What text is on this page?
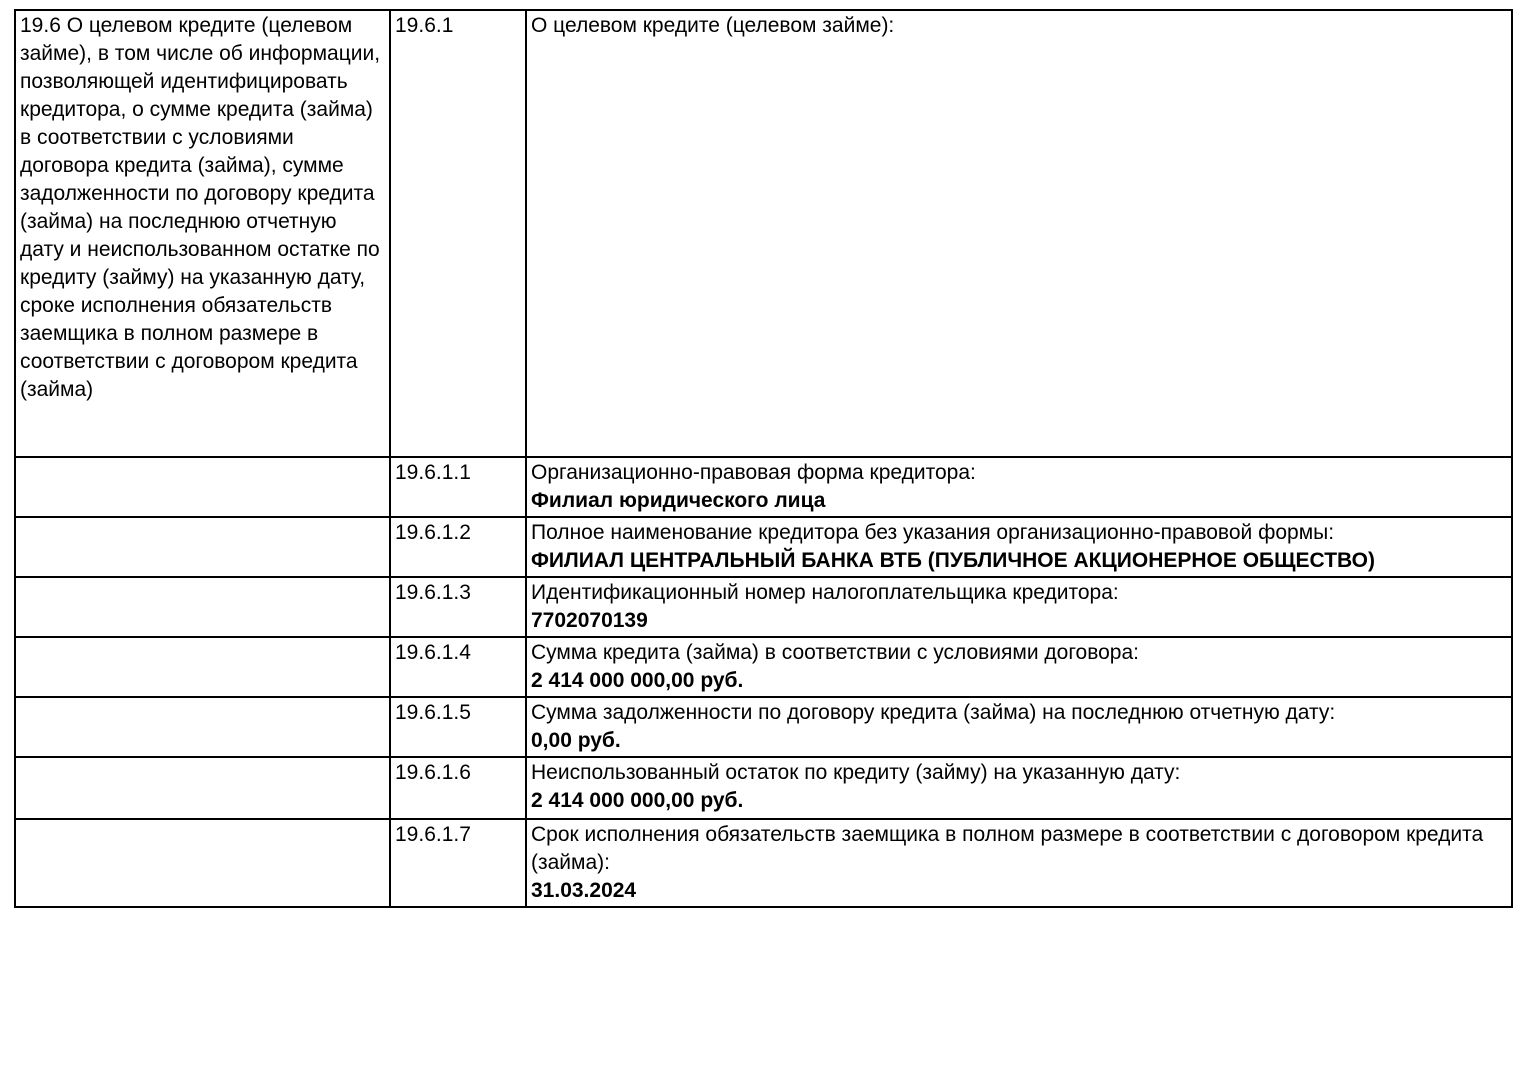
19.6 О целевом кредите (целевом займе), в том числе об информации, позволяющей идентифицировать кредитора, о сумме кредита (займа) в соответствии с условиями договора кредита (займа), сумме задолженности по договору кредита (займа) на последнюю отчетную дату и неиспользованном остатке по кредиту (займу) на указанную дату, сроке исполнения обязательств заемщика в полном размере в соответствии с договором кредита (займа)	19.6.1	О целевом кредите (целевом займе):
	19.6.1.1	Организационно-правовая форма кредитора:
Филиал юридического лица

	19.6.1.2	Полное наименование кредитора без указания организационно-правовой формы:
ФИЛИАЛ ЦЕНТРАЛЬНЫЙ БАНКА ВТБ (ПУБЛИЧНОЕ АКЦИОНЕРНОЕ ОБЩЕСТВО)

	19.6.1.3	Идентификационный номер налогоплательщика кредитора:
7702070139

	19.6.1.4	Сумма кредита (займа) в соответствии с условиями договора:
2 414 000 000,00 руб.

	19.6.1.5	Сумма задолженности по договору кредита (займа) на последнюю отчетную дату:
0,00 руб.

	19.6.1.6	Неиспользованный остаток по кредиту (займу) на указанную дату:
2 414 000 000,00 руб.

	19.6.1.7	Срок исполнения обязательств заемщика в полном размере в соответствии с договором кредита (займа):
31.03.2024
